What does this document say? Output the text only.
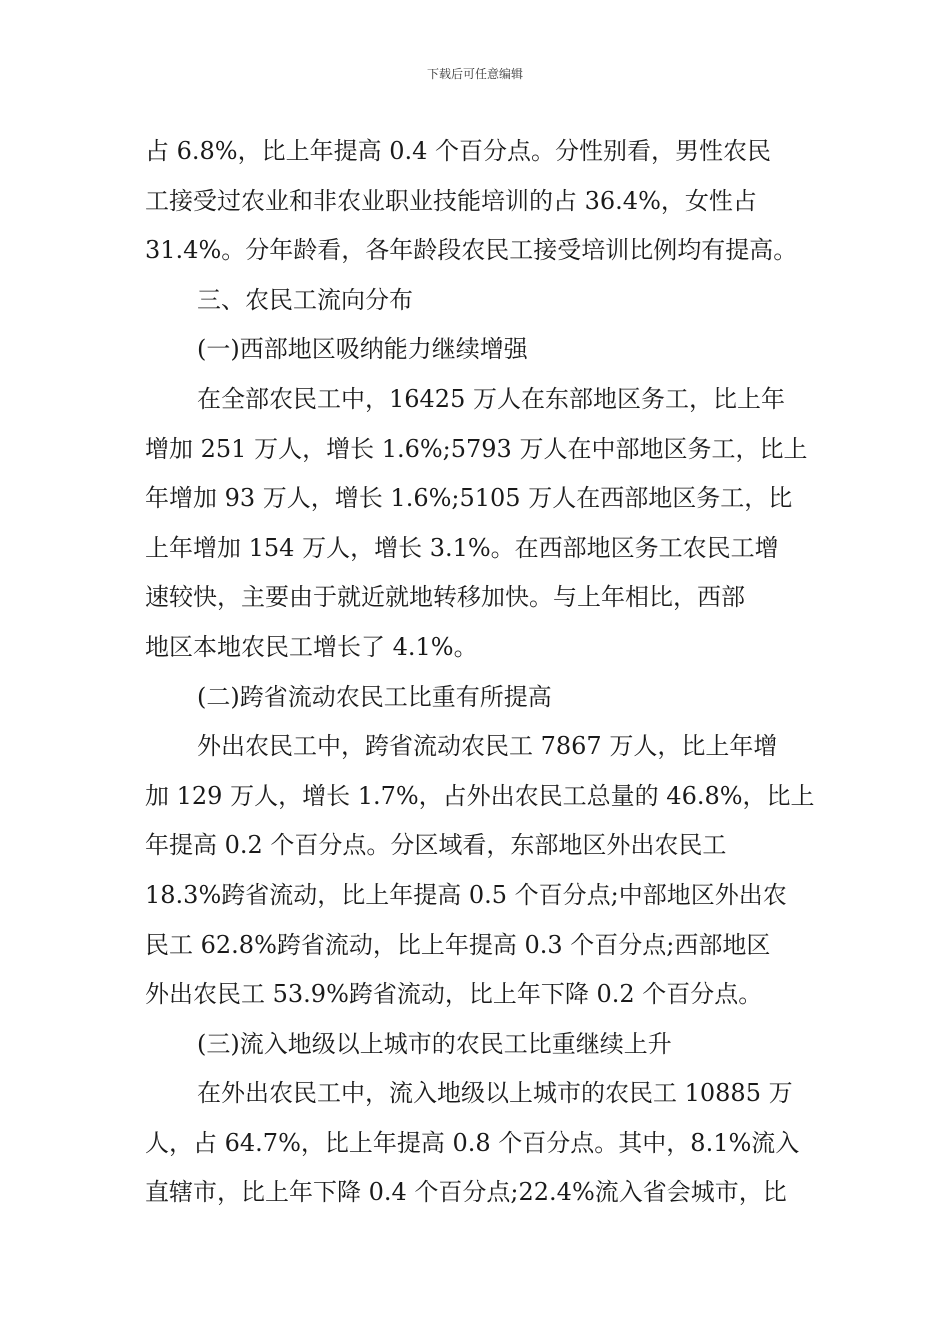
下载后可任意编辑
占 6.8%，比上年提高 0.4 个百分点。分性别看，男性农民
工接受过农业和非农业职业技能培训的占 36.4%，女性占
31.4%。分年龄看，各年龄段农民工接受培训比例均有提高。
三、农民工流向分布
(一)西部地区吸纳能力继续增强
在全部农民工中，16425 万人在东部地区务工，比上年
增加 251 万人，增长 1.6%;5793 万人在中部地区务工，比上
年增加 93 万人，增长 1.6%;5105 万人在西部地区务工，比
上年增加 154 万人，增长 3.1%。在西部地区务工农民工增
速较快，主要由于就近就地转移加快。与上年相比，西部
地区本地农民工增长了 4.1%。
(二)跨省流动农民工比重有所提高
外出农民工中，跨省流动农民工 7867 万人，比上年增
加 129 万人，增长 1.7%，占外出农民工总量的 46.8%，比上
年提高 0.2 个百分点。分区域看，东部地区外出农民工
18.3%跨省流动，比上年提高 0.5 个百分点;中部地区外出农
民工 62.8%跨省流动，比上年提高 0.3 个百分点;西部地区
外出农民工 53.9%跨省流动，比上年下降 0.2 个百分点。
(三)流入地级以上城市的农民工比重继续上升
在外出农民工中，流入地级以上城市的农民工 10885 万
人，占 64.7%，比上年提高 0.8 个百分点。其中，8.1%流入
直辖市，比上年下降 0.4 个百分点;22.4%流入省会城市，比
